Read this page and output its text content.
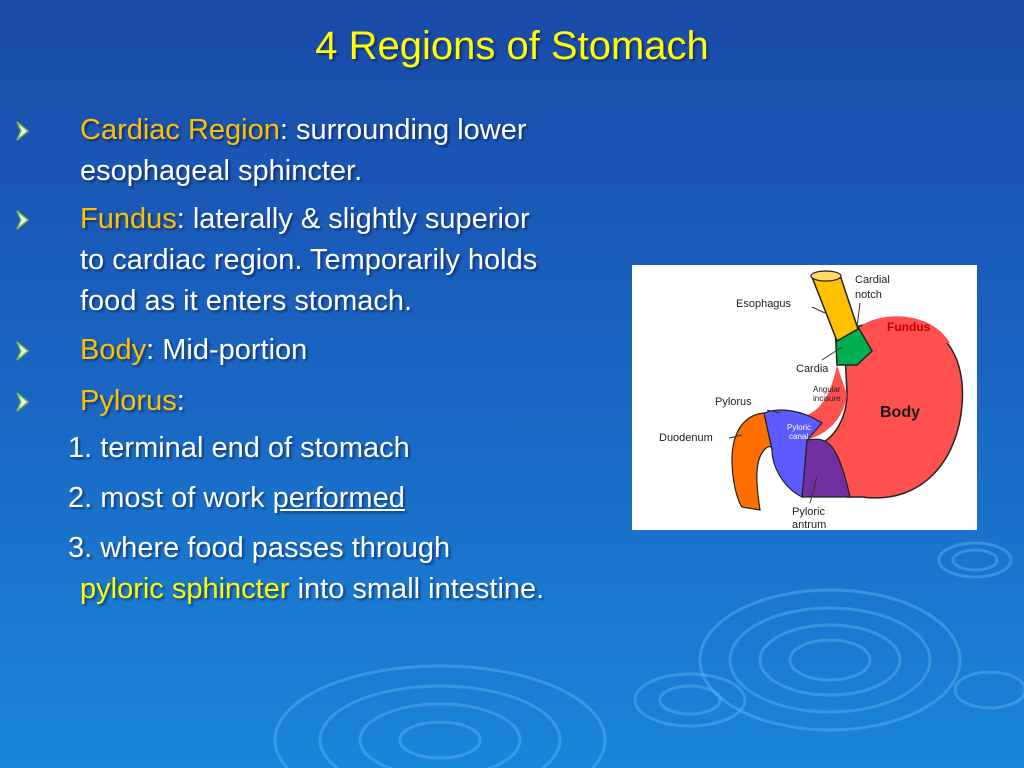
4 Regions of Stomach
Cardiac Region: surrounding lower
esophageal sphincter.
Fundus: laterally & slightly superior
to cardiac region. Temporarily holds
food as it enters stomach.
Body: Mid-portion
Pylorus:
1. terminal end of stomach
2. most of work performed
3. where food passes through
pyloric sphincter into small intestine.
Cardial
notch
Esophagus
Fundus
Cardia
Angular
incisure
Pylorus
Pyloric
canal
Body
Duodenum
Pyloric
antrum
